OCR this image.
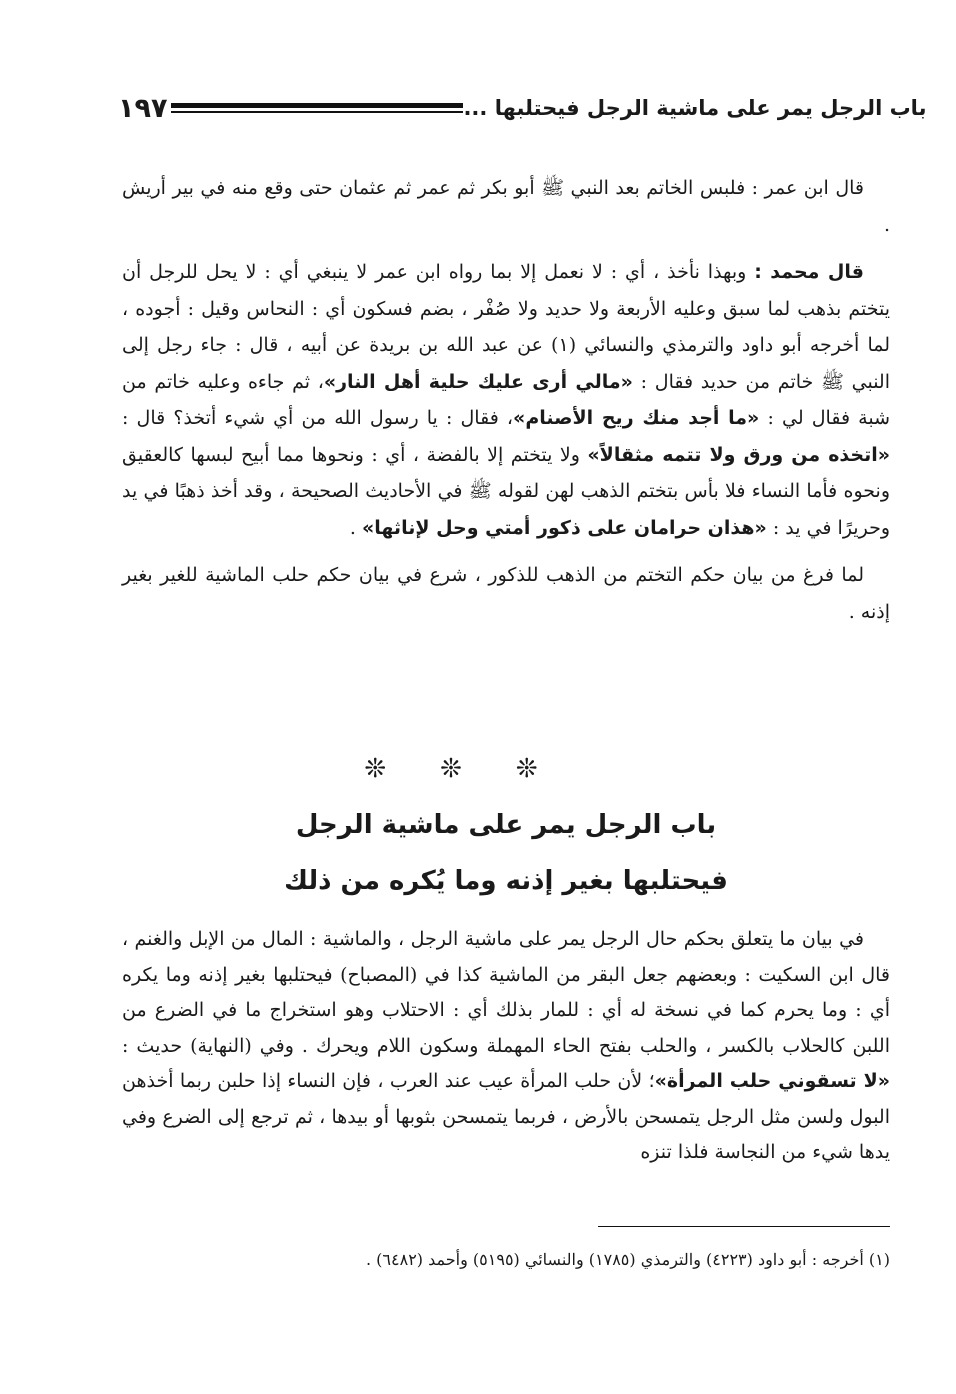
١٩٧	باب الرجل يمر على ماشية الرجل فيحتلبها ...

قال ابن عمر : فلبس الخاتم بعد النبي ﷺ أبو بكر ثم عمر ثم عثمان حتى وقع منه في بير أريش .

قال محمد : وبهذا نأخذ ، أي : لا نعمل إلا بما رواه ابن عمر لا ينبغي أي : لا يحل للرجل أن يتختم بذهب لما سبق وعليه الأربعة ولا حديد ولا صُفْر ، بضم فسكون أي : النحاس وقيل : أجوده ، لما أخرجه أبو داود والترمذي والنسائي (١) عن عبد الله بن بريدة عن أبيه ، قال : جاء رجل إلى النبي ﷺ خاتم من حديد فقال : «مالي أرى عليك حلية أهل النار»، ثم جاءه وعليه خاتم من شبة فقال لي : «ما أجد منك ريح الأصنام»، فقال : يا رسول الله من أي شيء أتخذ؟ قال : «اتخذه من ورق ولا تتمه مثقالاً» ولا يتختم إلا بالفضة ، أي : ونحوها مما أبيح لبسها كالعقيق ونحوه فأما النساء فلا بأس بتختم الذهب لهن لقوله ﷺ في الأحاديث الصحيحة ، وقد أخذ ذهبًا في يد وحريرًا في يد : «هذان حرامان على ذكور أمتي وحل لإناثها» .

لما فرغ من بيان حكم التختم من الذهب للذكور ، شرع في بيان حكم حلب الماشية للغير بغير إذنه .

❊❊❊
باب الرجل يمر على ماشية الرجل
فيحتلبها بغير إذنه وما يُكره من ذلك

في بيان ما يتعلق بحكم حال الرجل يمر على ماشية الرجل ، والماشية : المال من الإبل والغنم ، قال ابن السكيت : وبعضهم جعل البقر من الماشية كذا في (المصباح) فيحتلبها بغير إذنه وما يكره أي : وما يحرم كما في نسخة له أي : للمار بذلك أي : الاحتلاب وهو استخراج ما في الضرع من اللبن كالحلاب بالكسر ، والحلب بفتح الحاء المهملة وسكون اللام ويحرك . وفي (النهاية) حديث : «لا تسقوني حلب المرأة»؛ لأن حلب المرأة عيب عند العرب ، فإن النساء إذا حلبن ربما أخذهن البول ولسن مثل الرجل يتمسحن بالأرض ، فربما يتمسحن بثوبها أو بيدها ، ثم ترجع إلى الضرع وفي يدها شيء من النجاسة فلذا تنزه

(١) أخرجه : أبو داود (٤٢٢٣) والترمذي (١٧٨٥) والنسائي (٥١٩٥) وأحمد (٦٤٨٢) .
